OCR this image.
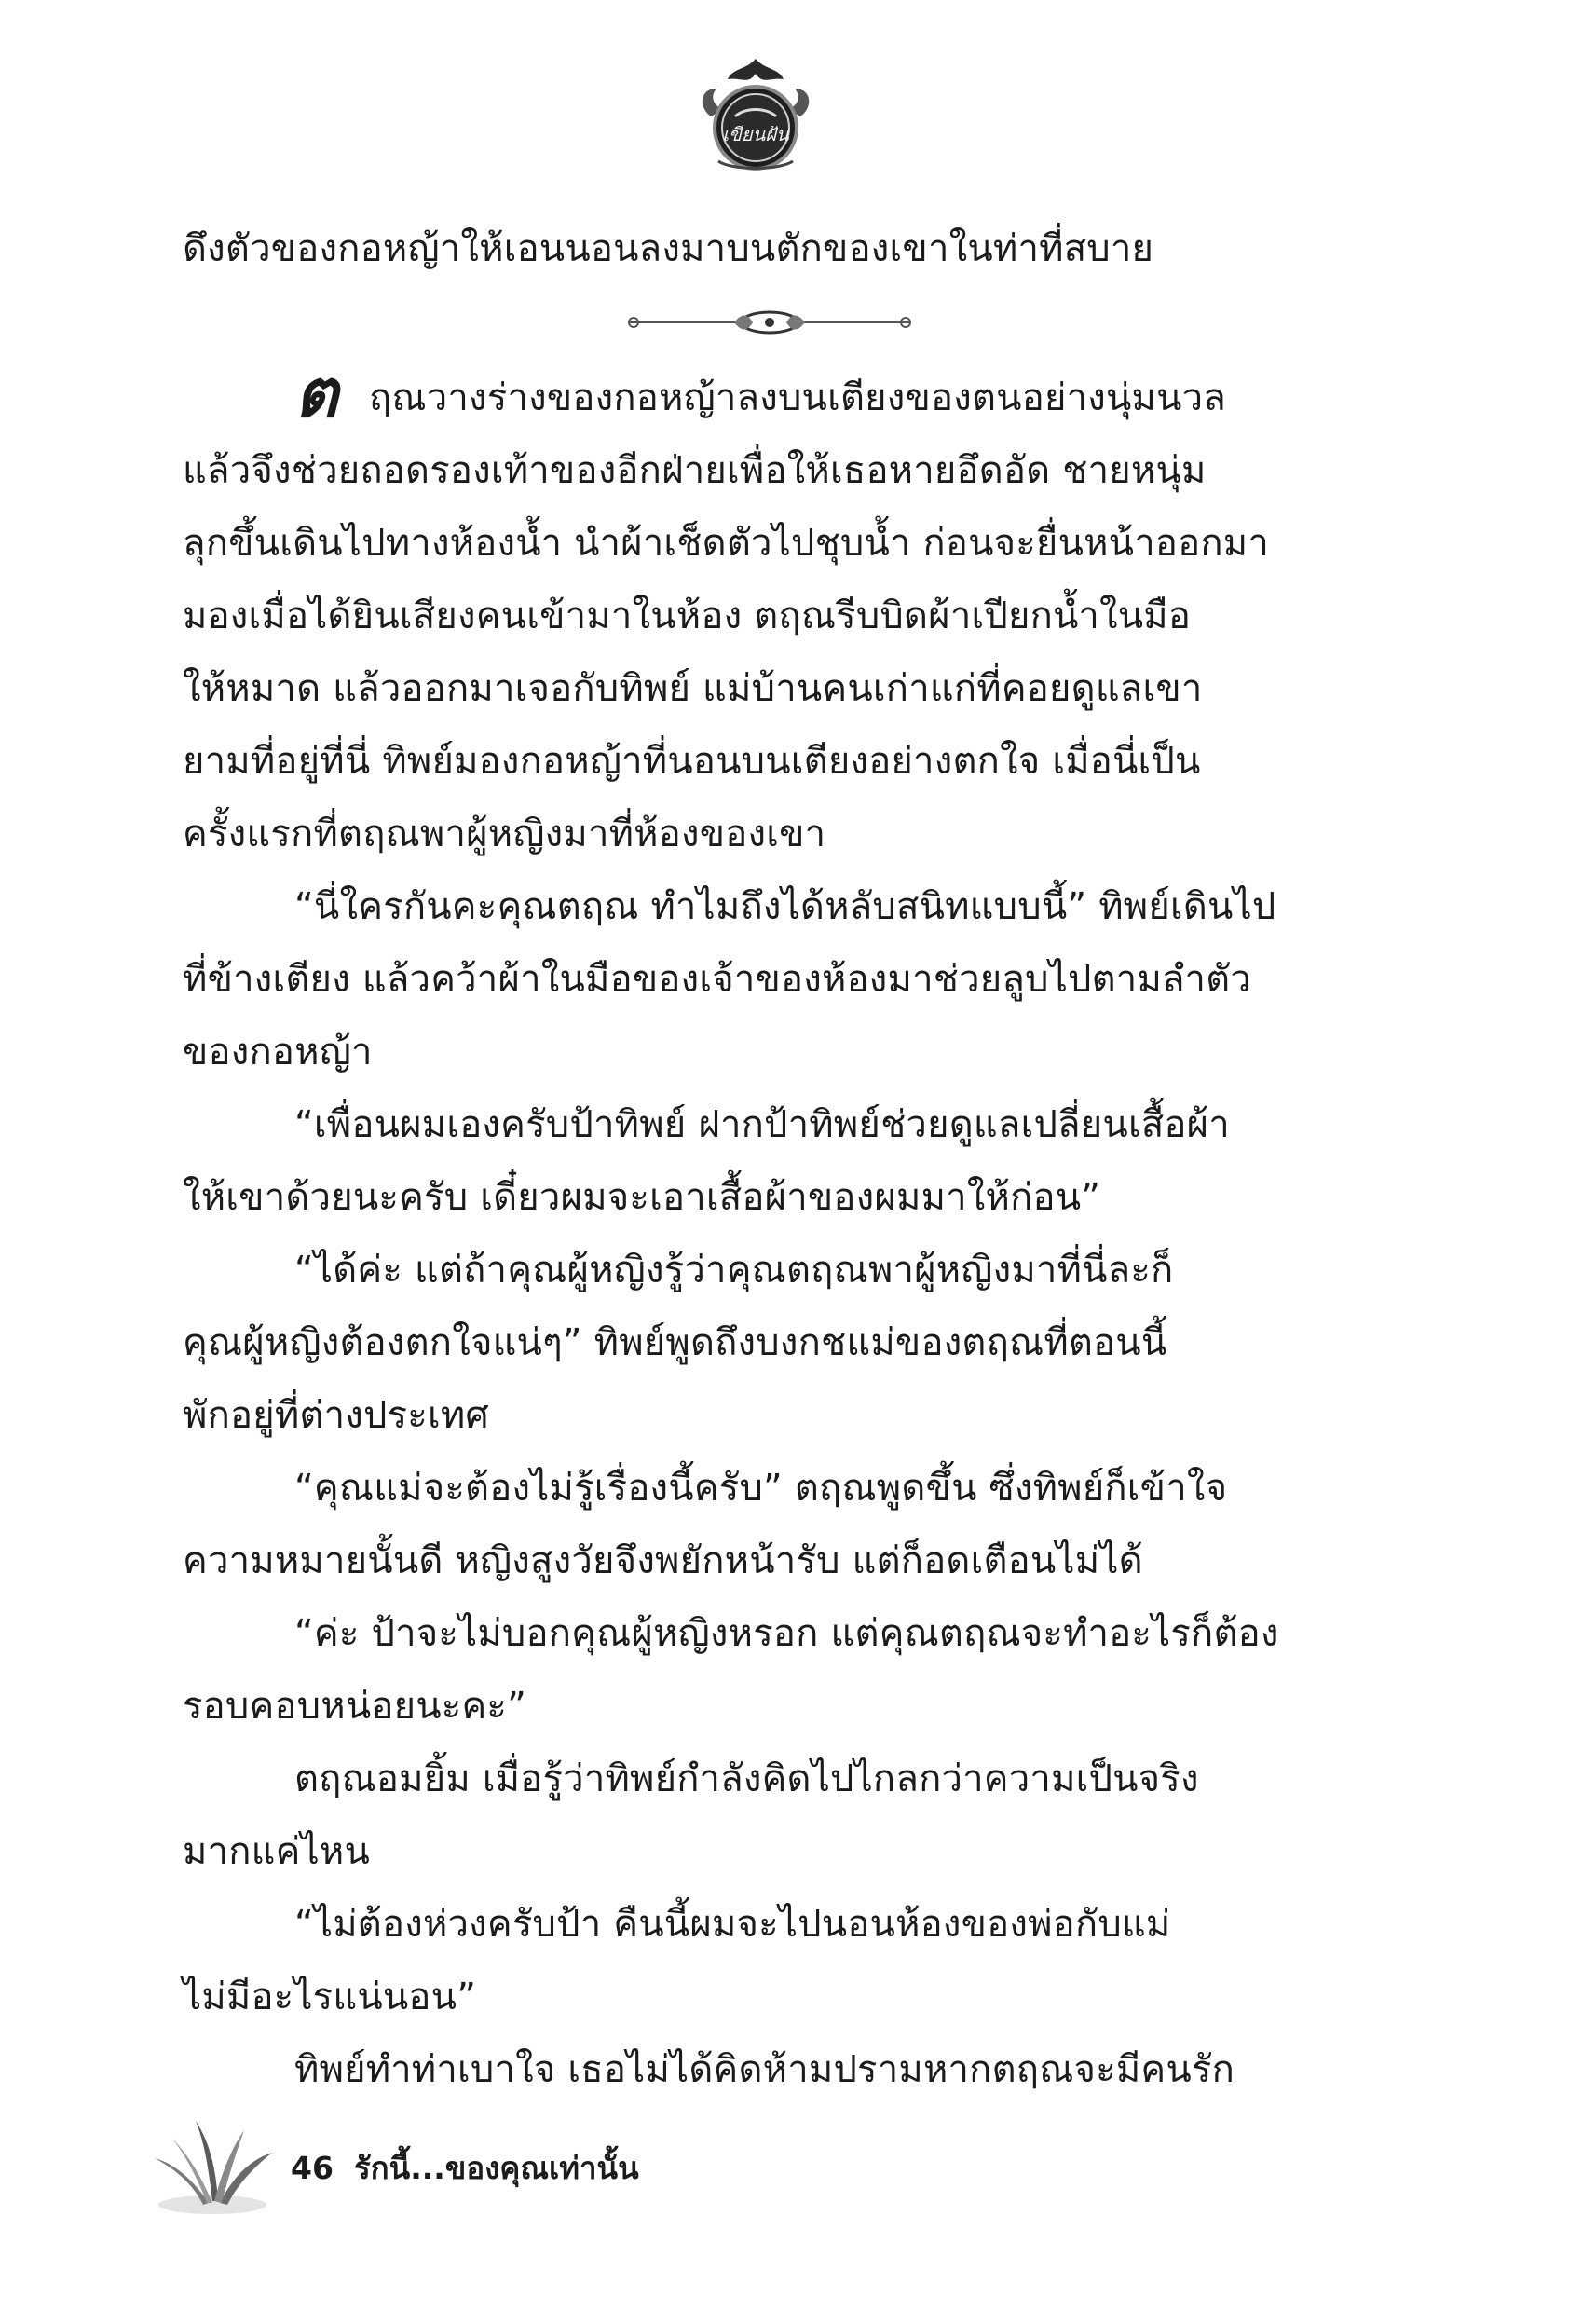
เขียนฝัน
ดึงตัวของกอหญ้าให้เอนนอนลงมาบนตักของเขาในท่าที่สบาย
ต ฤณวางร่างของกอหญ้าลงบนเตียงของตนอย่างนุ่มนวล
แล้วจึงช่วยถอดรองเท้าของอีกฝ่ายเพื่อให้เธอหายอึดอัด ชายหนุ่ม
ลุกขึ้นเดินไปทางห้องน้ำ นำผ้าเช็ดตัวไปชุบน้ำ ก่อนจะยื่นหน้าออกมา
มองเมื่อได้ยินเสียงคนเข้ามาในห้อง ตฤณรีบบิดผ้าเปียกน้ำในมือ
ให้หมาด แล้วออกมาเจอกับทิพย์ แม่บ้านคนเก่าแก่ที่คอยดูแลเขา
ยามที่อยู่ที่นี่ ทิพย์มองกอหญ้าที่นอนบนเตียงอย่างตกใจ เมื่อนี่เป็น
ครั้งแรกที่ตฤณพาผู้หญิงมาที่ห้องของเขา
“นี่ใครกันคะคุณตฤณ ทำไมถึงได้หลับสนิทแบบนี้” ทิพย์เดินไป
ที่ข้างเตียง แล้วคว้าผ้าในมือของเจ้าของห้องมาช่วยลูบไปตามลำตัว
ของกอหญ้า
“เพื่อนผมเองครับป้าทิพย์ ฝากป้าทิพย์ช่วยดูแลเปลี่ยนเสื้อผ้า
ให้เขาด้วยนะครับ เดี๋ยวผมจะเอาเสื้อผ้าของผมมาให้ก่อน”
“ได้ค่ะ แต่ถ้าคุณผู้หญิงรู้ว่าคุณตฤณพาผู้หญิงมาที่นี่ละก็
คุณผู้หญิงต้องตกใจแน่ๆ” ทิพย์พูดถึงบงกชแม่ของตฤณที่ตอนนี้
พักอยู่ที่ต่างประเทศ
“คุณแม่จะต้องไม่รู้เรื่องนี้ครับ” ตฤณพูดขึ้น ซึ่งทิพย์ก็เข้าใจ
ความหมายนั้นดี หญิงสูงวัยจึงพยักหน้ารับ แต่ก็อดเตือนไม่ได้
“ค่ะ ป้าจะไม่บอกคุณผู้หญิงหรอก แต่คุณตฤณจะทำอะไรก็ต้อง
รอบคอบหน่อยนะคะ”
ตฤณอมยิ้ม เมื่อรู้ว่าทิพย์กำลังคิดไปไกลกว่าความเป็นจริง
มากแค่ไหน
“ไม่ต้องห่วงครับป้า คืนนี้ผมจะไปนอนห้องของพ่อกับแม่
ไม่มีอะไรแน่นอน”
ทิพย์ทำท่าเบาใจ เธอไม่ได้คิดห้ามปรามหากตฤณจะมีคนรัก
46 รักนี้...ของคุณเท่านั้น
